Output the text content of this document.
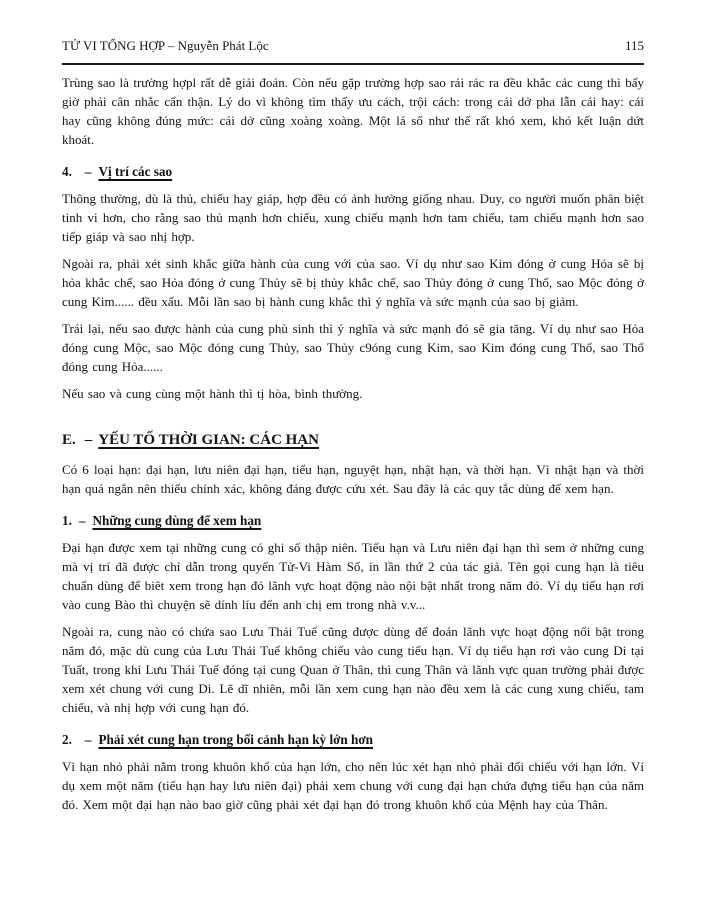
TỬ VI TỔNG HỢP – Nguyễn Phát Lộc	115

Trùng sao là trường hợpl rất dễ giải đoán. Còn nếu gặp trường hợp sao rải rác ra đều khắc các cung thì bấy giờ phải cân nhắc cẩn thận. Lý do vì không tìm thấy ưu cách, trội cách: trong cái dở pha lẫn cái hay: cái hay cũng không đúng mức: cái dở cũng xoàng xoàng. Một lá số như thế rất khó xem, khó kết luận dứt khoát.

4. – Vị trí các sao

Thông thường, dù là thủ, chiếu hay giáp, hợp đều có ảnh hưởng giống nhau. Duy, co người muốn phân biệt tinh vi hơn, cho rằng sao thủ mạnh hơn chiếu, xung chiếu mạnh hơn tam chiếu, tam chiếu mạnh hơn sao tiếp giáp và sao nhị hợp.

Ngoài ra, phải xét sinh khắc giữa hành của cung với của sao. Ví dụ như sao Kim đóng ở cung Hóa sẽ bị hỏa khắc chế, sao Hỏa đóng ở cung Thủy sẽ bị thủy khắc chế, sao Thủy đóng ở cung Thổ, sao Mộc đóng ở cung Kim...... đều xấu. Mỗi lần sao bị hành cung khắc thì ý nghĩa và sức mạnh của sao bị giảm.

Trái lại, nếu sao được hành của cung phù sinh thì ý nghĩa và sức mạnh đó sẽ gia tăng. Ví dụ như sao Hỏa đóng cung Mộc, sao Mộc đóng cung Thủy, sao Thủy c9óng cung Kim, sao Kim đóng cung Thổ, sao Thổ đóng cung Hỏa......

Nếu sao và cung cùng một hành thì tị hòa, bình thường.

E. – YẾU TỐ THỜI GIAN: CÁC HẠN

Có 6 loại hạn: đại hạn, lưu niên đại hạn, tiểu hạn, nguyệt hạn, nhật hạn, và thời hạn. Vì nhật hạn và thời hạn quá ngắn nên thiếu chính xác, không đáng được cứu xét. Sau đây là các quy tắc dùng để xem hạn.

1. – Những cung dùng để xem hạn

Đại hạn được xem tại những cung có ghi số thập niên. Tiểu hạn và Lưu niên đại hạn thì sem ở những cung mà vị trí đã được chỉ dẫn trong quyển Tử-Vi Hàm Số, in lần thứ 2 của tác giả. Tên gọi cung hạn là tiêu chuẩn dùng để biêt xem trong hạn đó lãnh vực hoạt động nào nội bật nhất trong năm đó. Ví dụ tiểu hạn rơi vào cung Bào thì chuyện sẽ dính líu đến anh chị em trong nhà v.v...

Ngoài ra, cung nào có chứa sao Lưu Thái Tuế cũng được dùng để đoán lãnh vực hoạt động nổi bật trong năm đó, mặc dù cung của Lưu Thái Tuế không chiếu vào cung tiểu hạn. Ví dụ tiểu hạn rơi vào cung Di tại Tuất, trong khi Lưu Thái Tuế đóng tại cung Quan ở Thân, thì cung Thân và lãnh vực quan trường phải được xem xét chung với cung Di. Lẽ dĩ nhiên, mỗi lần xem cung hạn nào đều xem là các cung xung chiếu, tam chiếu, và nhị hợp với cung hạn đó.

2. – Phải xét cung hạn trong bối cảnh hạn kỳ lớn hơn

Vì hạn nhỏ phải nằm trong khuôn khổ của hạn lớn, cho nên lúc xét hạn nhỏ phải đối chiếu với hạn lớn. Ví dụ xem một năm (tiểu hạn hay lưu niên đại) phải xem chung với cung đại hạn chứa đựng tiểu hạn của năm đó. Xem một đại hạn nào bao giờ cũng phải xét đại hạn đó trong khuôn khổ của Mệnh hay của Thân.
